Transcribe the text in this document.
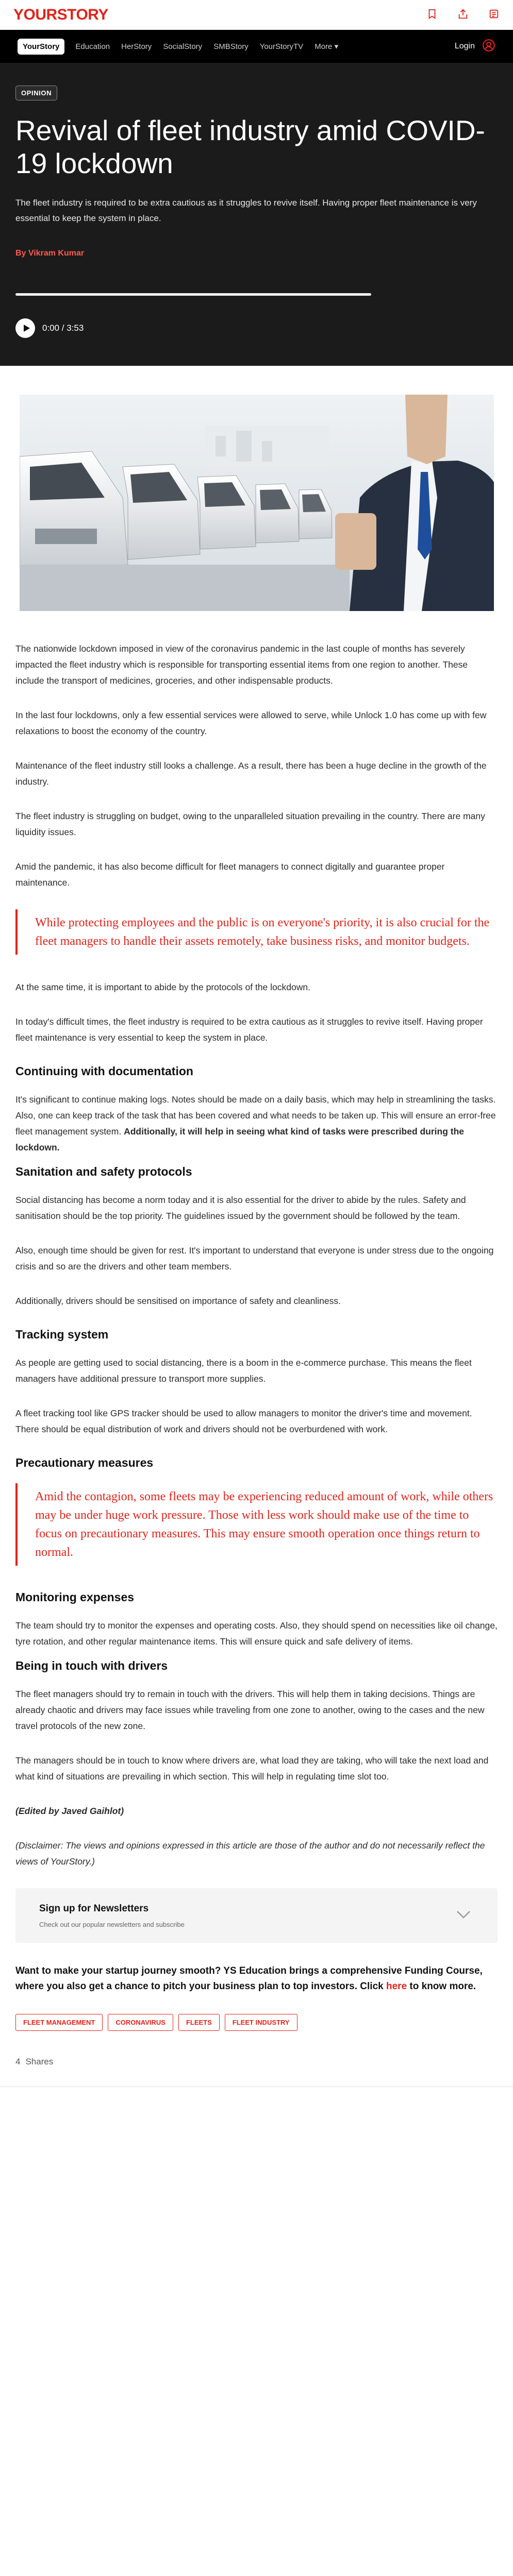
YOURSTORY
YourStory	Education	HerStory	SocialStory	SMBStory	YourStoryTV	More ▾	Login
OPINION
Revival of fleet industry amid COVID-19 lockdown

The fleet industry is required to be extra cautious as it struggles to revive itself. Having proper fleet maintenance is very essential to keep the system in place.

By Vikram Kumar
0:00 / 3:53

The nationwide lockdown imposed in view of the coronavirus pandemic in the last couple of months has severely impacted the fleet industry which is responsible for transporting essential items from one region to another. These include the transport of medicines, groceries, and other indispensable products.

In the last four lockdowns, only a few essential services were allowed to serve, while Unlock 1.0 has come up with few relaxations to boost the economy of the country.

Maintenance of the fleet industry still looks a challenge. As a result, there has been a huge decline in the growth of the industry.

The fleet industry is struggling on budget, owing to the unparalleled situation prevailing in the country. There are many liquidity issues.

Amid the pandemic, it has also become difficult for fleet managers to connect digitally and guarantee proper maintenance.

While protecting employees and the public is on everyone's priority, it is also crucial for the fleet managers to handle their assets remotely, take business risks, and monitor budgets.

At the same time, it is important to abide by the protocols of the lockdown.

In today's difficult times, the fleet industry is required to be extra cautious as it struggles to revive itself. Having proper fleet maintenance is very essential to keep the system in place.

Continuing with documentation

It's significant to continue making logs. Notes should be made on a daily basis, which may help in streamlining the tasks. Also, one can keep track of the task that has been covered and what needs to be taken up. This will ensure an error-free fleet management system. Additionally, it will help in seeing what kind of tasks were prescribed during the lockdown.

Sanitation and safety protocols

Social distancing has become a norm today and it is also essential for the driver to abide by the rules. Safety and sanitisation should be the top priority. The guidelines issued by the government should be followed by the team.

Also, enough time should be given for rest. It's important to understand that everyone is under stress due to the ongoing crisis and so are the drivers and other team members.

Additionally, drivers should be sensitised on importance of safety and cleanliness.

Tracking system

As people are getting used to social distancing, there is a boom in the e-commerce purchase. This means the fleet managers have additional pressure to transport more supplies.

A fleet tracking tool like GPS tracker should be used to allow managers to monitor the driver's time and movement. There should be equal distribution of work and drivers should not be overburdened with work.

Precautionary measures

Amid the contagion, some fleets may be experiencing reduced amount of work, while others may be under huge work pressure. Those with less work should make use of the time to focus on precautionary measures. This may ensure smooth operation once things return to normal.

Monitoring expenses

The team should try to monitor the expenses and operating costs. Also, they should spend on necessities like oil change, tyre rotation, and other regular maintenance items. This will ensure quick and safe delivery of items.

Being in touch with drivers

The fleet managers should try to remain in touch with the drivers. This will help them in taking decisions. Things are already chaotic and drivers may face issues while traveling from one zone to another, owing to the cases and the new travel protocols of the new zone.

The managers should be in touch to know where drivers are, what load they are taking, who will take the next load and what kind of situations are prevailing in which section. This will help in regulating time slot too.

(Edited by Javed Gaihlot)

(Disclaimer: The views and opinions expressed in this article are those of the author and do not necessarily reflect the views of YourStory.)

Sign up for Newsletters
Check out our popular newsletters and subscribe

Want to make your startup journey smooth? YS Education brings a comprehensive Funding Course, where you also get a chance to pitch your business plan to top investors. Click here to know more.

FLEET MANAGEMENT	CORONAVIRUS	FLEETS	FLEET INDUSTRY
4 Shares
